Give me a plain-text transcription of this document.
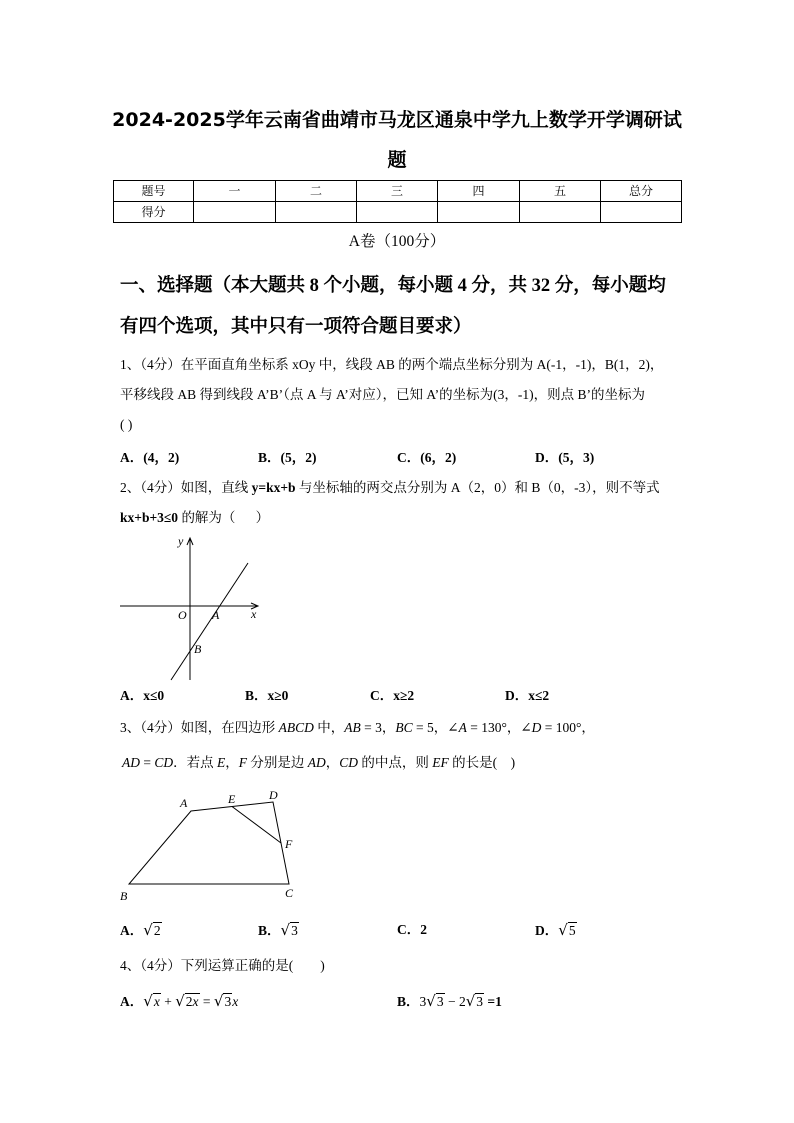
2024-2025学年云南省曲靖市马龙区通泉中学九上数学开学调研试
题
题号	一	二	三	四	五	总分
得分						
A卷（100分）
一、选择题（本大题共 8 个小题，每小题 4 分，共 32 分，每小题均
有四个选项，其中只有一项符合题目要求）
1、（4分）在平面直角坐标系 xOy 中，线段 AB 的两个端点坐标分别为 A(-1，-1)，B(1，2)，
平移线段 AB 得到线段 A’B’（点 A 与 A’对应），已知 A’的坐标为(3，-1)，则点 B’的坐标为
( )
A．(4，2)	B．(5，2)	C．(6，2)	D．(5，3)
2、（4分）如图，直线 y=kx+b 与坐标轴的两交点分别为 A（2，0）和 B（0，-3），则不等式
kx+b+3≤0 的解为（      ）
y
x
O A
B
A．x≤0	B．x≥0	C．x≥2	D．x≤2
3、（4分）如图，在四边形 ABCD 中，AB = 3，BC = 5，∠A = 130°，∠D = 100°，
AD = CD．若点 E，F 分别是边 AD，CD 的中点，则 EF 的长是(    )
A	E	D
F
B	C
A．√2	B．√3	C．2	D．√5
4、（4分）下列运算正确的是(        )
A．√x + √2x = √3x	B．3√3 − 2√3 =1
